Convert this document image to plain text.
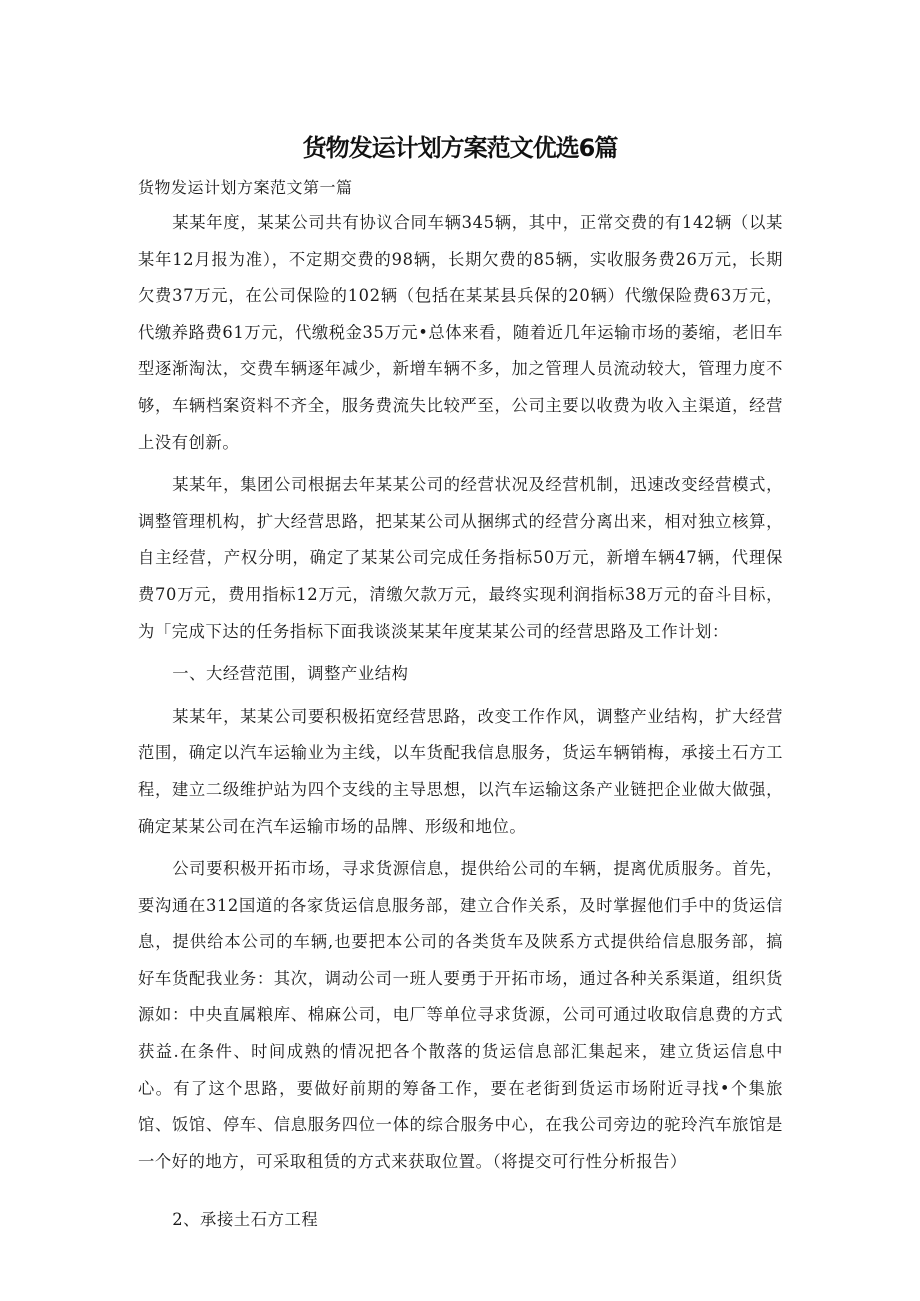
货物发运计划方案范文优选6篇
货物发运计划方案范文第一篇

某某年度，某某公司共有协议合同车辆345辆，其中，正常交费的有142辆（以某某年12月报为准），不定期交费的98辆，长期欠费的85辆，实收服务费26万元，长期欠费37万元，在公司保险的102辆（包括在某某县兵保的20辆）代缴保险费63万元，代缴养路费61万元，代缴税金35万元•总体来看，随着近几年运输市场的萎缩，老旧车型逐渐淘汰，交费车辆逐年减少，新增车辆不多，加之管理人员流动较大，管理力度不够，车辆档案资料不齐全，服务费流失比较严至，公司主要以收费为收入主渠道，经营上没有创新。

某某年，集团公司根据去年某某公司的经营状况及经营机制，迅速改变经营模式，调整管理机构，扩大经营思路，把某某公司从捆绑式的经营分离出来，相对独立核算，自主经营，产权分明，确定了某某公司完成任务指标50万元，新增车辆47辆，代理保费70万元，费用指标12万元，清缴欠款万元，最终实现利润指标38万元的奋斗目标，为「完成下达的任务指标下面我谈淡某某年度某某公司的经营思路及工作计划：

一、大经营范围，调整产业结构

某某年，某某公司要积极拓宽经营思路，改变工作作风，调整产业结构，扩大经营范围，确定以汽车运输业为主线，以车货配我信息服务，货运车辆销梅，承接土石方工程，建立二级维护站为四个支线的主导思想，以汽车运输这条产业链把企业做大做强，确定某某公司在汽车运输市场的品牌、形级和地位。

公司要积极开拓市场，寻求货源信息，提供给公司的车辆，提离优质服务。首先，要沟通在312国道的各家货运信息服务部，建立合作关系，及时掌握他们手中的货运信息，提供给本公司的车辆,也要把本公司的各类货车及陕系方式提供给信息服务部，搞好车货配我业务：其次，调动公司一班人要勇于开拓市场，通过各种关系渠道，组织货源如：中央直属粮库、棉麻公司，电厂等单位寻求货源，公司可通过收取信息费的方式获益.在条件、时间成熟的情况把各个散落的货运信息部汇集起来，建立货运信息中心。有了这个思路，要做好前期的筹备工作，要在老街到货运市场附近寻找•个集旅馆、饭馆、停车、信息服务四位一体的综合服务中心，在我公司旁边的驼玲汽车旅馆是一个好的地方，可采取租赁的方式来获取位置。（将提交可行性分析报告）

2、承接土石方工程
